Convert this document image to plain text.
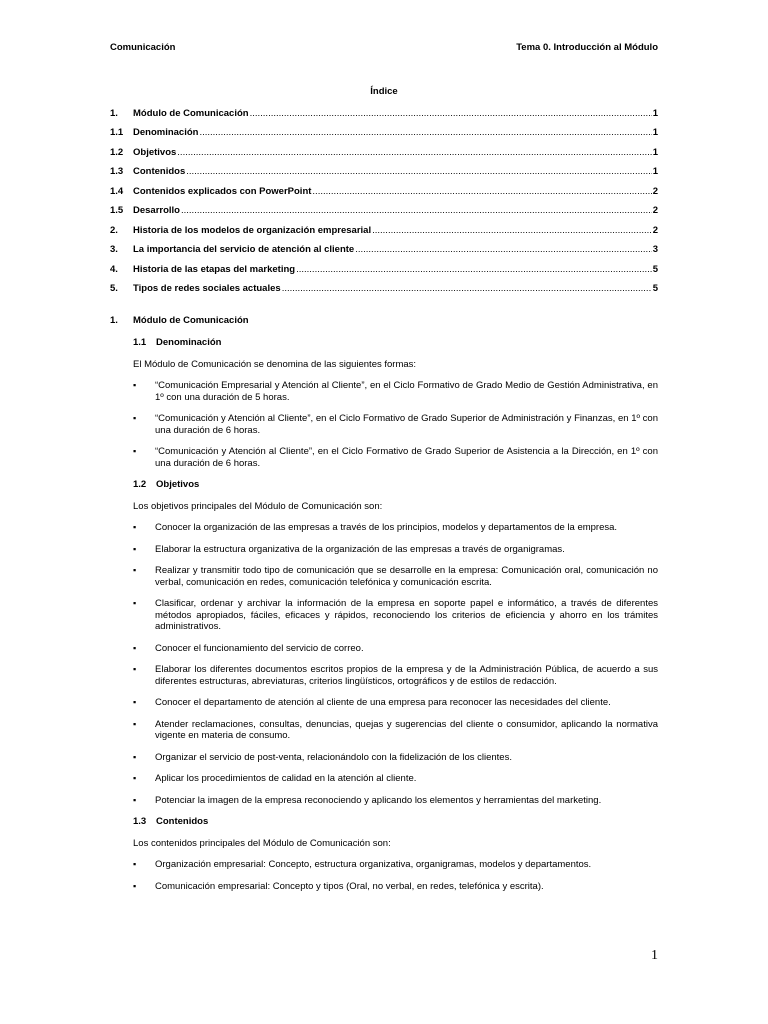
Comunicación	Tema 0. Introducción al Módulo
Índice
1.	Módulo de Comunicación .....	1
1.1	Denominación .....	1
1.2	Objetivos .....	1
1.3	Contenidos .....	1
1.4	Contenidos explicados con PowerPoint .....	2
1.5	Desarrollo .....	2
2.	Historia de los modelos de organización empresarial .....	2
3.	La importancia del servicio de atención al cliente .....	3
4.	Historia de las etapas del marketing .....	5
5.	Tipos de redes sociales actuales .....	5
1.	Módulo de Comunicación
1.1	Denominación
El Módulo de Comunicación se denomina de las siguientes formas:
▪	“Comunicación Empresarial y Atención al Cliente”, en el Ciclo Formativo de Grado Medio de Gestión Administrativa, en 1º con una duración de 5 horas.
▪	“Comunicación y Atención al Cliente”, en el Ciclo Formativo de Grado Superior de Administración y Finanzas, en 1º con una duración de 6 horas.
▪	“Comunicación y Atención al Cliente”, en el Ciclo Formativo de Grado Superior de Asistencia a la Dirección, en 1º con una duración de 6 horas.
1.2	Objetivos
Los objetivos principales del Módulo de Comunicación son:
▪	Conocer la organización de las empresas a través de los principios, modelos y departamentos de la empresa.
▪	Elaborar la estructura organizativa de la organización de las empresas a través de organigramas.
▪	Realizar y transmitir todo tipo de comunicación que se desarrolle en la empresa: Comunicación oral, comunicación no verbal, comunicación en redes, comunicación telefónica y comunicación escrita.
▪	Clasificar, ordenar y archivar la información de la empresa en soporte papel e informático, a través de diferentes métodos apropiados, fáciles, eficaces y rápidos, reconociendo los criterios de eficiencia y ahorro en los trámites administrativos.
▪	Conocer el funcionamiento del servicio de correo.
▪	Elaborar los diferentes documentos escritos propios de la empresa y de la Administración Pública, de acuerdo a sus diferentes estructuras, abreviaturas, criterios lingüísticos, ortográficos y de estilos de redacción.
▪	Conocer el departamento de atención al cliente de una empresa para reconocer las necesidades del cliente.
▪	Atender reclamaciones, consultas, denuncias, quejas y sugerencias del cliente o consumidor, aplicando la normativa vigente en materia de consumo.
▪	Organizar el servicio de post-venta, relacionándolo con la fidelización de los clientes.
▪	Aplicar los procedimientos de calidad en la atención al cliente.
▪	Potenciar la imagen de la empresa reconociendo y aplicando los elementos y herramientas del marketing.
1.3	Contenidos
Los contenidos principales del Módulo de Comunicación son:
▪	Organización empresarial: Concepto, estructura organizativa, organigramas, modelos y departamentos.
▪	Comunicación empresarial: Concepto y tipos (Oral, no verbal, en redes, telefónica y escrita).
1
